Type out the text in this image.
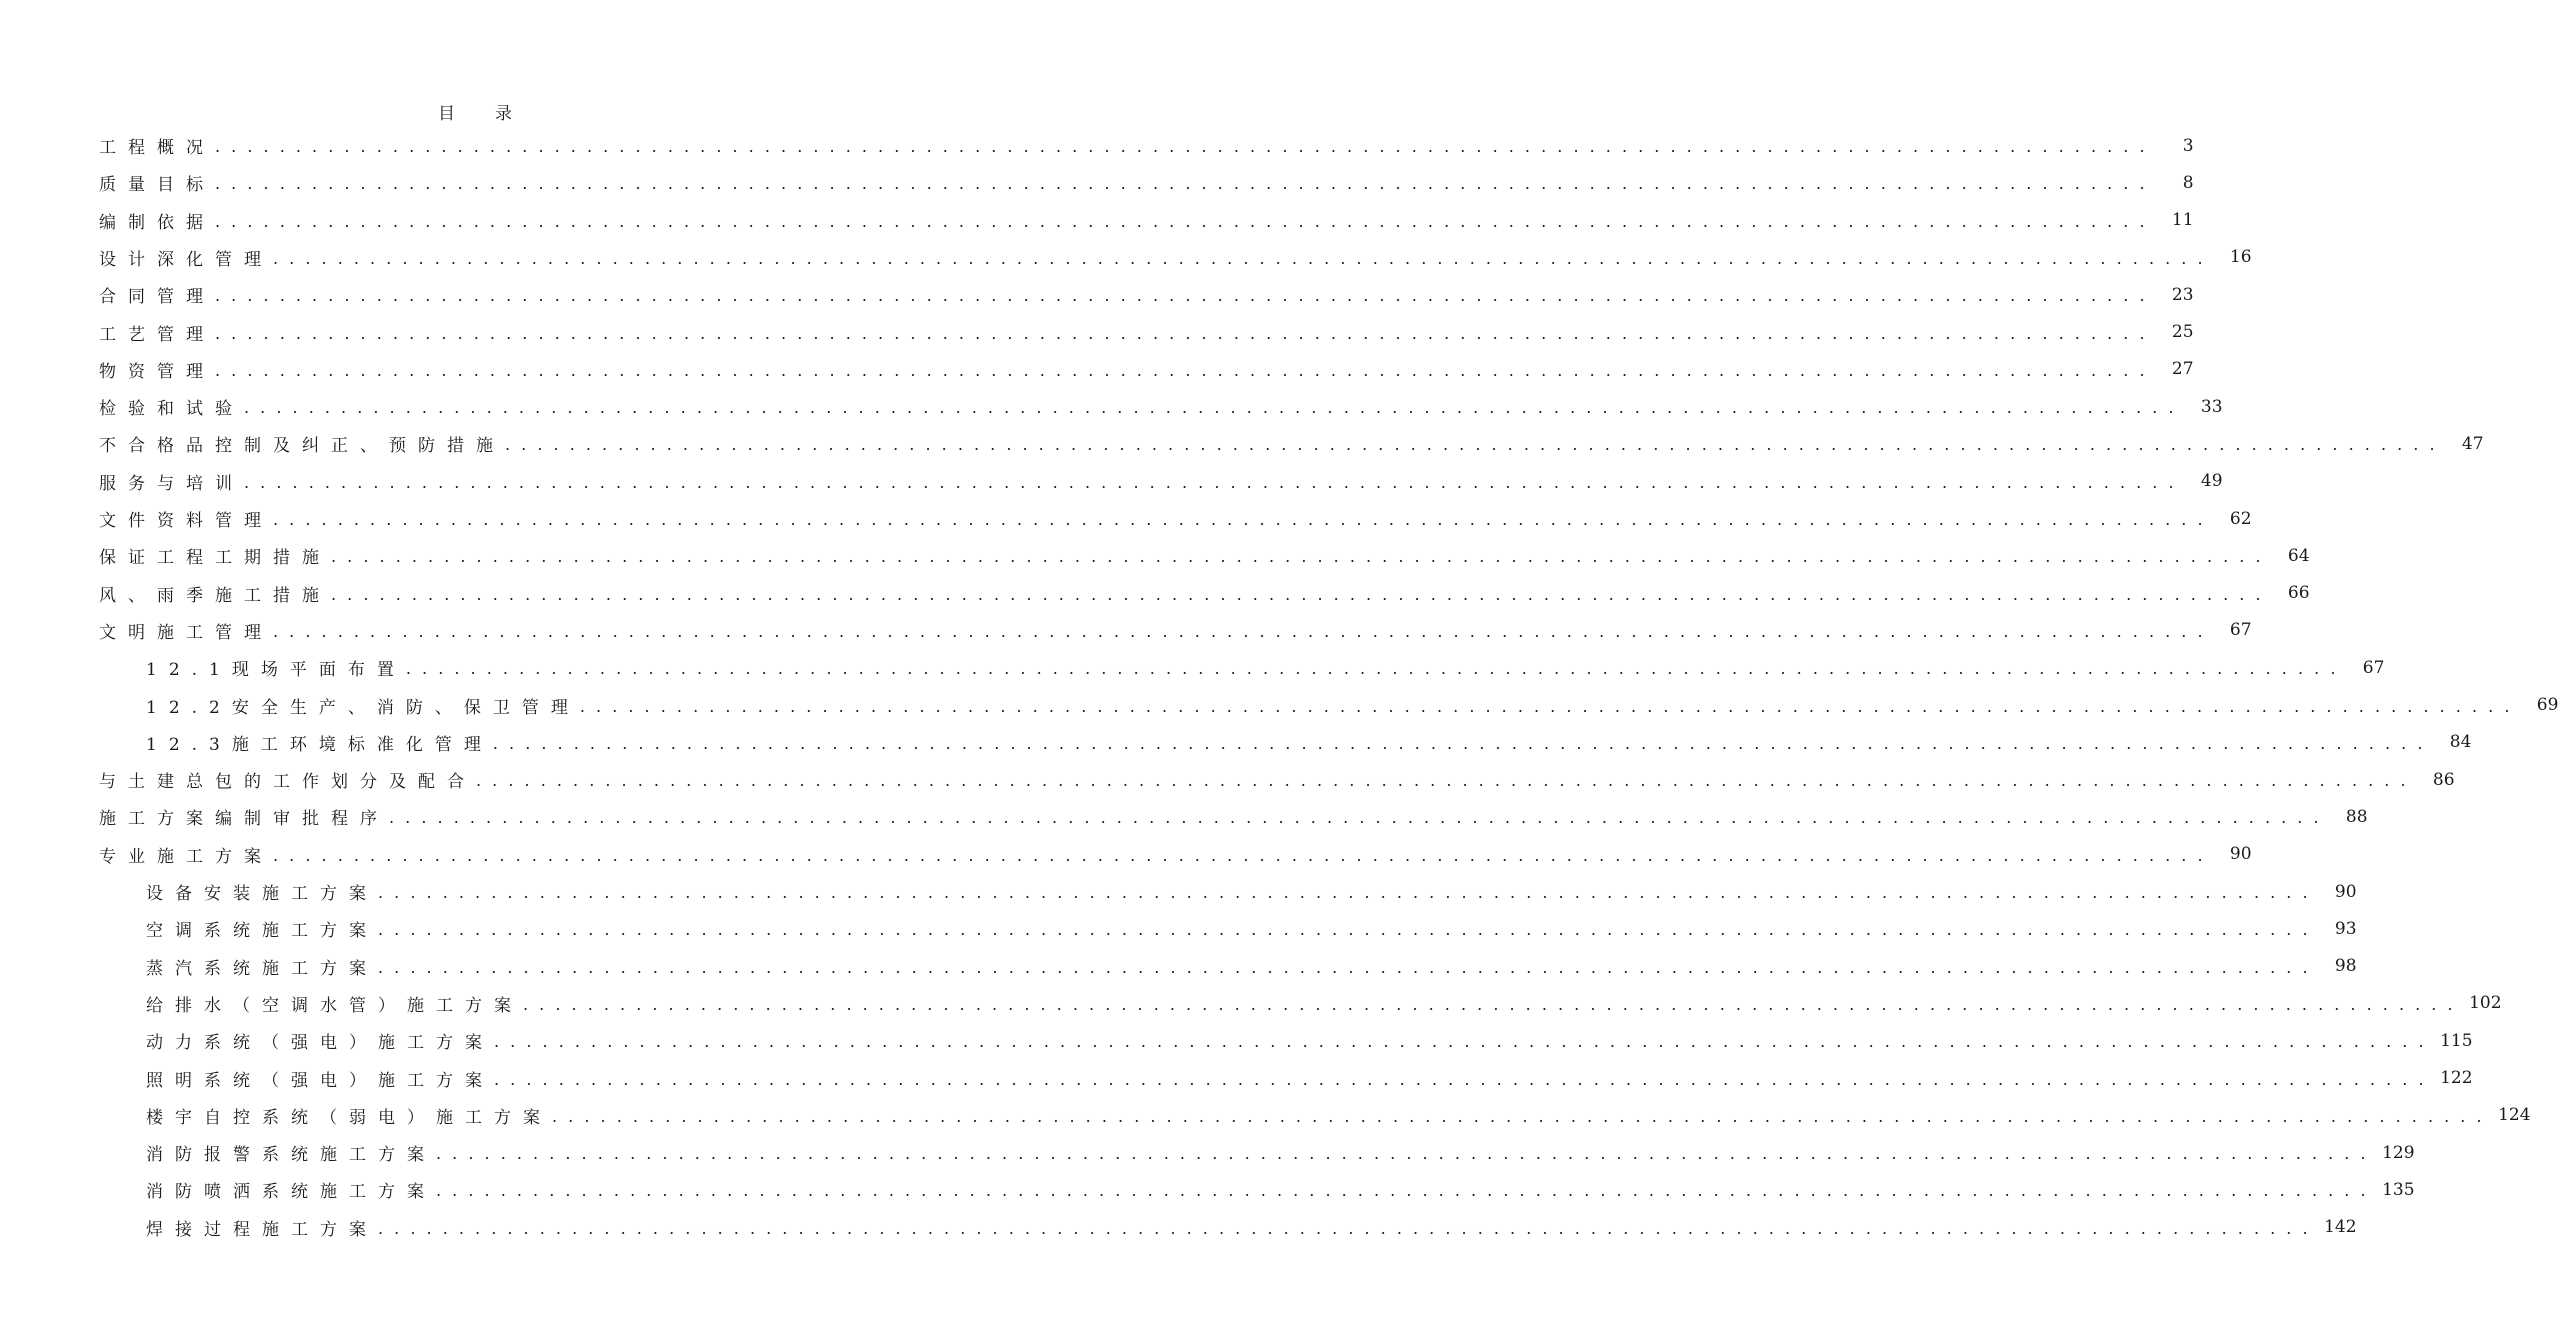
目录
工程概况 . . . . . . . . . . . . . . . . . . . . . . . . . . . . . . . . . . . . . . . . . . . . . . . . . . . . . . . . . . . . . . . . . . . . . . . . . . . . . . . . . . . . . . . . . . . . . . . . . . . . . . . . . . . . . . . . . . . . . . . .	3
质量目标 . . . . . . . . . . . . . . . . . . . . . . . . . . . . . . . . . . . . . . . . . . . . . . . . . . . . . . . . . . . . . . . . . . . . . . . . . . . . . . . . . . . . . . . . . . . . . . . . . . . . . . . . . . . . . . . . . . . . . . . .	8
编制依据 . . . . . . . . . . . . . . . . . . . . . . . . . . . . . . . . . . . . . . . . . . . . . . . . . . . . . . . . . . . . . . . . . . . . . . . . . . . . . . . . . . . . . . . . . . . . . . . . . . . . . . . . . . . . . . . . . . . . . . . .	11
设计深化管理 . . . . . . . . . . . . . . . . . . . . . . . . . . . . . . . . . . . . . . . . . . . . . . . . . . . . . . . . . . . . . . . . . . . . . . . . . . . . . . . . . . . . . . . . . . . . . . . . . . . . . . . . . . . . . . . . . . . . . . . .	16
合同管理 . . . . . . . . . . . . . . . . . . . . . . . . . . . . . . . . . . . . . . . . . . . . . . . . . . . . . . . . . . . . . . . . . . . . . . . . . . . . . . . . . . . . . . . . . . . . . . . . . . . . . . . . . . . . . . . . . . . . . . . .	23
工艺管理 . . . . . . . . . . . . . . . . . . . . . . . . . . . . . . . . . . . . . . . . . . . . . . . . . . . . . . . . . . . . . . . . . . . . . . . . . . . . . . . . . . . . . . . . . . . . . . . . . . . . . . . . . . . . . . . . . . . . . . . .	25
物资管理 . . . . . . . . . . . . . . . . . . . . . . . . . . . . . . . . . . . . . . . . . . . . . . . . . . . . . . . . . . . . . . . . . . . . . . . . . . . . . . . . . . . . . . . . . . . . . . . . . . . . . . . . . . . . . . . . . . . . . . . .	27
检验和试验 . . . . . . . . . . . . . . . . . . . . . . . . . . . . . . . . . . . . . . . . . . . . . . . . . . . . . . . . . . . . . . . . . . . . . . . . . . . . . . . . . . . . . . . . . . . . . . . . . . . . . . . . . . . . . . . . . . . . . . . .	33
不合格品控制及纠正、预防措施 . . . . . . . . . . . . . . . . . . . . . . . . . . . . . . . . . . . . . . . . . . . . . . . . . . . . . . . . . . . . . . . . . . . . . . . . . . . . . . . . . . . . . . . . . . . . . . . . . . . . . . . . . . . . . . . . . . . . . . . .	47
服务与培训 . . . . . . . . . . . . . . . . . . . . . . . . . . . . . . . . . . . . . . . . . . . . . . . . . . . . . . . . . . . . . . . . . . . . . . . . . . . . . . . . . . . . . . . . . . . . . . . . . . . . . . . . . . . . . . . . . . . . . . . .	49
文件资料管理 . . . . . . . . . . . . . . . . . . . . . . . . . . . . . . . . . . . . . . . . . . . . . . . . . . . . . . . . . . . . . . . . . . . . . . . . . . . . . . . . . . . . . . . . . . . . . . . . . . . . . . . . . . . . . . . . . . . . . . . .	62
保证工程工期措施 . . . . . . . . . . . . . . . . . . . . . . . . . . . . . . . . . . . . . . . . . . . . . . . . . . . . . . . . . . . . . . . . . . . . . . . . . . . . . . . . . . . . . . . . . . . . . . . . . . . . . . . . . . . . . . . . . . . . . . . .	64
风、雨季施工措施 . . . . . . . . . . . . . . . . . . . . . . . . . . . . . . . . . . . . . . . . . . . . . . . . . . . . . . . . . . . . . . . . . . . . . . . . . . . . . . . . . . . . . . . . . . . . . . . . . . . . . . . . . . . . . . . . . . . . . . . .	66
文明施工管理 . . . . . . . . . . . . . . . . . . . . . . . . . . . . . . . . . . . . . . . . . . . . . . . . . . . . . . . . . . . . . . . . . . . . . . . . . . . . . . . . . . . . . . . . . . . . . . . . . . . . . . . . . . . . . . . . . . . . . . . .	67
12.1现场平面布置 . . . . . . . . . . . . . . . . . . . . . . . . . . . . . . . . . . . . . . . . . . . . . . . . . . . . . . . . . . . . . . . . . . . . . . . . . . . . . . . . . . . . . . . . . . . . . . . . . . . . . . . . . . . . . . . . . . . . . . . .	67
12.2安全生产、消防、保卫管理 . . . . . . . . . . . . . . . . . . . . . . . . . . . . . . . . . . . . . . . . . . . . . . . . . . . . . . . . . . . . . . . . . . . . . . . . . . . . . . . . . . . . . . . . . . . . . . . . . . . . . . . . . . . . . . . . . . . . . . . .	69
12.3施工环境标准化管理 . . . . . . . . . . . . . . . . . . . . . . . . . . . . . . . . . . . . . . . . . . . . . . . . . . . . . . . . . . . . . . . . . . . . . . . . . . . . . . . . . . . . . . . . . . . . . . . . . . . . . . . . . . . . . . . . . . . . . . . .	84
与土建总包的工作划分及配合 . . . . . . . . . . . . . . . . . . . . . . . . . . . . . . . . . . . . . . . . . . . . . . . . . . . . . . . . . . . . . . . . . . . . . . . . . . . . . . . . . . . . . . . . . . . . . . . . . . . . . . . . . . . . . . . . . . . . . . . .	86
施工方案编制审批程序 . . . . . . . . . . . . . . . . . . . . . . . . . . . . . . . . . . . . . . . . . . . . . . . . . . . . . . . . . . . . . . . . . . . . . . . . . . . . . . . . . . . . . . . . . . . . . . . . . . . . . . . . . . . . . . . . . . . . . . . .	88
专业施工方案 . . . . . . . . . . . . . . . . . . . . . . . . . . . . . . . . . . . . . . . . . . . . . . . . . . . . . . . . . . . . . . . . . . . . . . . . . . . . . . . . . . . . . . . . . . . . . . . . . . . . . . . . . . . . . . . . . . . . . . . .	90
设备安装施工方案 . . . . . . . . . . . . . . . . . . . . . . . . . . . . . . . . . . . . . . . . . . . . . . . . . . . . . . . . . . . . . . . . . . . . . . . . . . . . . . . . . . . . . . . . . . . . . . . . . . . . . . . . . . . . . . . . . . . . . . . .	90
空调系统施工方案 . . . . . . . . . . . . . . . . . . . . . . . . . . . . . . . . . . . . . . . . . . . . . . . . . . . . . . . . . . . . . . . . . . . . . . . . . . . . . . . . . . . . . . . . . . . . . . . . . . . . . . . . . . . . . . . . . . . . . . . .	93
蒸汽系统施工方案 . . . . . . . . . . . . . . . . . . . . . . . . . . . . . . . . . . . . . . . . . . . . . . . . . . . . . . . . . . . . . . . . . . . . . . . . . . . . . . . . . . . . . . . . . . . . . . . . . . . . . . . . . . . . . . . . . . . . . . . .	98
给排水（空调水管）施工方案 . . . . . . . . . . . . . . . . . . . . . . . . . . . . . . . . . . . . . . . . . . . . . . . . . . . . . . . . . . . . . . . . . . . . . . . . . . . . . . . . . . . . . . . . . . . . . . . . . . . . . . . . . . . . . . . . . . . . . . . . 102
动力系统（强电）施工方案 . . . . . . . . . . . . . . . . . . . . . . . . . . . . . . . . . . . . . . . . . . . . . . . . . . . . . . . . . . . . . . . . . . . . . . . . . . . . . . . . . . . . . . . . . . . . . . . . . . . . . . . . . . . . . . . . . . . . . . . . 115
照明系统（强电）施工方案 . . . . . . . . . . . . . . . . . . . . . . . . . . . . . . . . . . . . . . . . . . . . . . . . . . . . . . . . . . . . . . . . . . . . . . . . . . . . . . . . . . . . . . . . . . . . . . . . . . . . . . . . . . . . . . . . . . . . . . . . 122
楼宇自控系统（弱电）施工方案 . . . . . . . . . . . . . . . . . . . . . . . . . . . . . . . . . . . . . . . . . . . . . . . . . . . . . . . . . . . . . . . . . . . . . . . . . . . . . . . . . . . . . . . . . . . . . . . . . . . . . . . . . . . . . . . . . . . . . . . . 124
消防报警系统施工方案 . . . . . . . . . . . . . . . . . . . . . . . . . . . . . . . . . . . . . . . . . . . . . . . . . . . . . . . . . . . . . . . . . . . . . . . . . . . . . . . . . . . . . . . . . . . . . . . . . . . . . . . . . . . . . . . . . . . . . . . . 129
消防喷洒系统施工方案 . . . . . . . . . . . . . . . . . . . . . . . . . . . . . . . . . . . . . . . . . . . . . . . . . . . . . . . . . . . . . . . . . . . . . . . . . . . . . . . . . . . . . . . . . . . . . . . . . . . . . . . . . . . . . . . . . . . . . . . . 135
焊接过程施工方案 . . . . . . . . . . . . . . . . . . . . . . . . . . . . . . . . . . . . . . . . . . . . . . . . . . . . . . . . . . . . . . . . . . . . . . . . . . . . . . . . . . . . . . . . . . . . . . . . . . . . . . . . . . . . . . . . . . . . . . . . 142
